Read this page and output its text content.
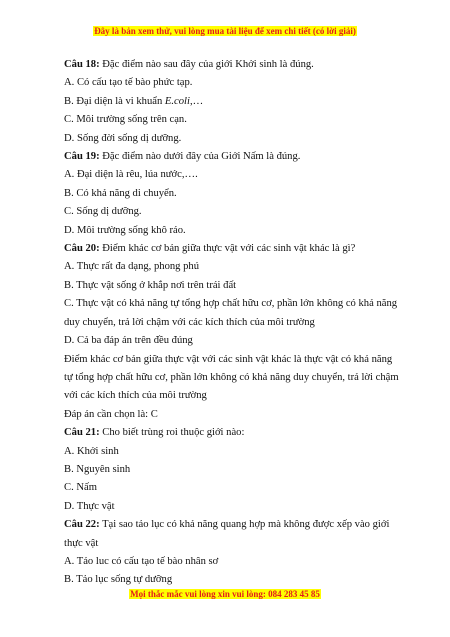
Đây là bản xem thử, vui lòng mua tài liệu để xem chi tiết (có lời giải)

Câu 18: Đặc điểm nào sau đây của giới Khởi sinh là đúng.

A. Có cấu tạo tế bào phức tạp.

B. Đại diện là vi khuẩn E.coli,…

C. Môi trường sống trên cạn.

D. Sống đời sống dị dưỡng.

Câu 19: Đặc điểm nào dưới đây của Giới Nấm là đúng.

A. Đại diện là rêu, lúa nước,….

B. Có khả năng di chuyển.

C. Sống dị dưỡng.

D. Môi trường sống khô ráo.

Câu 20: Điểm khác cơ bản giữa thực vật với các sinh vật khác là gì?

A. Thực rất đa dạng, phong phú

B. Thực vật sống ở khắp nơi trên trái đất

C. Thực vật có khả năng tự tổng hợp chất hữu cơ, phần lớn không có khả năng duy chuyển, trả lời chậm với các kích thích của môi trường

D. Cả ba đáp án trên đều đúng

Điểm khác cơ bản giữa thực vật với các sinh vật khác là thực vật có khả năng tự tổng hợp chất hữu cơ, phần lớn không có khả năng duy chuyển, trả lời chậm với các kích thích của môi trường

Đáp án cần chọn là: C

Câu 21: Cho biết trùng roi thuộc giới nào:

A. Khởi sinh

B. Nguyên sinh

C. Nấm

D. Thực vật

Câu 22: Tại sao tảo lục có khả năng quang hợp mà không được xếp vào giới thực vật

A. Tảo luc có cấu tạo tế bào nhân sơ

B. Tảo lục sống tự dưỡng

Mọi thắc mắc vui lòng xin vui lòng: 084 283 45 85
